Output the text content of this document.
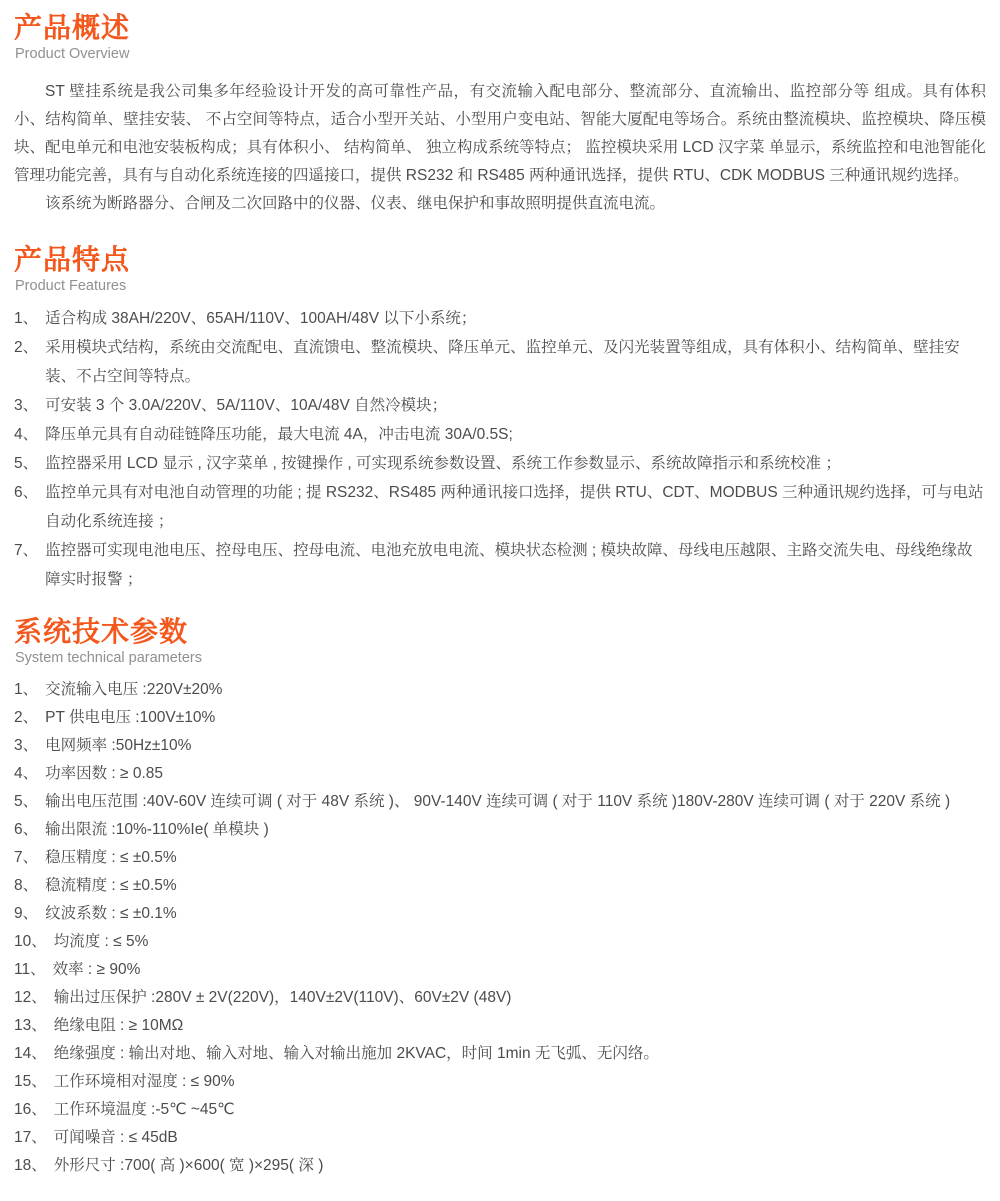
产品概述
Product Overview

ST 壁挂系统是我公司集多年经验设计开发的高可靠性产品，有交流输入配电部分、整流部分、直流输出、监控部分等 组成。具有体积小、结构简单、壁挂安装、 不占空间等特点，适合小型开关站、小型用户变电站、智能大厦配电等场合。系统由整流模块、监控模块、降压模块、配电单元和电池安装板构成；具有体积小、 结构简单、 独立构成系统等特点； 监控模块采用 LCD 汉字菜 单显示，系统监控和电池智能化管理功能完善，具有与自动化系统连接的四遥接口，提供 RS232 和 RS485 两种通讯选择，提供 RTU、CDK MODBUS 三种通讯规约选择。

该系统为断路器分、合闸及二次回路中的仪器、仪表、继电保护和事故照明提供直流电流。

产品特点
Product Features
1、 适合构成 38AH/220V、65AH/110V、100AH/48V 以下小系统；
2、 采用模块式结构，系统由交流配电、直流馈电、整流模块、降压单元、监控单元、及闪光装置等组成，具有体积小、结构简单、壁挂安装、不占空间等特点。
3、 可安装 3 个 3.0A/220V、5A/110V、10A/48V 自然冷模块；
4、 降压单元具有自动硅链降压功能，最大电流 4A，冲击电流 30A/0.5S;
5、 监控器采用 LCD 显示 , 汉字菜单 , 按键操作 , 可实现系统参数设置、系统工作参数显示、系统故障指示和系统校准 ；
6、 监控单元具有对电池自动管理的功能 ; 提 RS232、RS485 两种通讯接口选择，提供 RTU、CDT、MODBUS 三种通讯规约选择，可与电站自动化系统连接 ；
7、 监控器可实现电池电压、控母电压、控母电流、电池充放电电流、模块状态检测 ; 模块故障、母线电压越限、主路交流失电、母线绝缘故障实时报警 ；
系统技术参数
System technical parameters
1、 交流输入电压 :220V±20%
2、 PT 供电电压 :100V±10%
3、 电网频率 :50Hz±10%
4、 功率因数 : ≥ 0.85
5、 输出电压范围 :40V-60V 连续可调 ( 对于 48V 系统 )、 90V-140V 连续可调 ( 对于 110V 系统 )180V-280V 连续可调 ( 对于 220V 系统 )
6、 输出限流 :10%-110%Ie( 单模块 )
7、 稳压精度 : ≤ ±0.5%
8、 稳流精度 : ≤ ±0.5%
9、 纹波系数 : ≤ ±0.1%
10、 均流度 : ≤ 5%
11、 效率 : ≥ 90%
12、 输出过压保护 :280V ± 2V(220V)，140V±2V(110V)、60V±2V (48V)
13、 绝缘电阻 : ≥ 10MΩ
14、 绝缘强度 : 输出对地、输入对地、输入对输出施加 2KVAC，时间 1min 无飞弧、无闪络。
15、 工作环境相对湿度 : ≤ 90%
16、 工作环境温度 :-5℃ ~45℃
17、 可闻噪音 : ≤ 45dB
18、 外形尺寸 :700( 高 )×600( 宽 )×295( 深 )
